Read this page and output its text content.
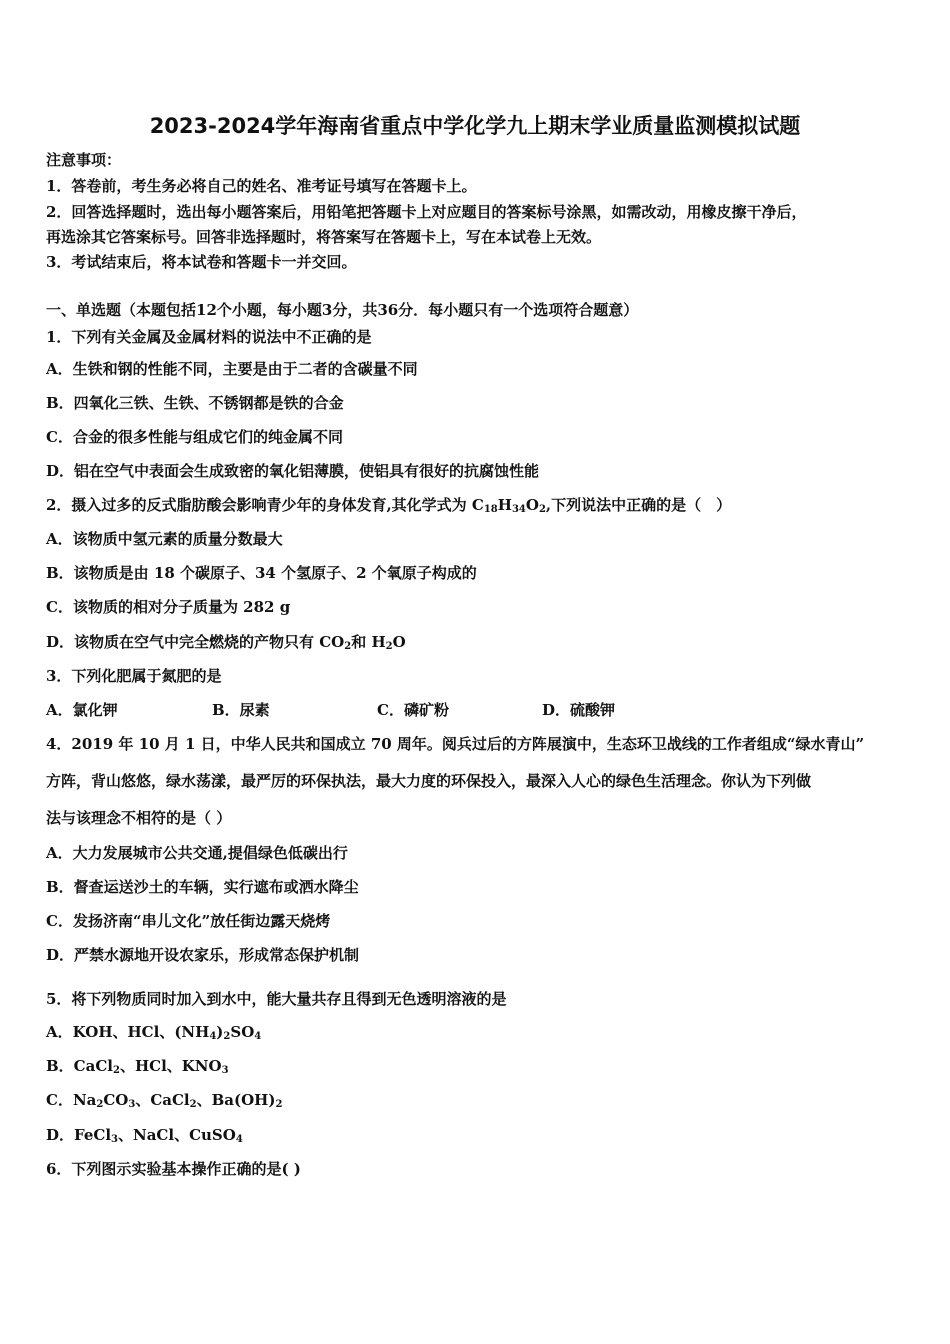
2023-2024学年海南省重点中学化学九上期末学业质量监测模拟试题
注意事项：
1．答卷前，考生务必将自己的姓名、准考证号填写在答题卡上。
2．回答选择题时，选出每小题答案后，用铅笔把答题卡上对应题目的答案标号涂黑，如需改动，用橡皮擦干净后，
再选涂其它答案标号。回答非选择题时，将答案写在答题卡上，写在本试卷上无效。
3．考试结束后，将本试卷和答题卡一并交回。
一、单选题（本题包括12个小题，每小题3分，共36分．每小题只有一个选项符合题意）
1．下列有关金属及金属材料的说法中不正确的是
A．生铁和钢的性能不同，主要是由于二者的含碳量不同
B．四氧化三铁、生铁、不锈钢都是铁的合金
C．合金的很多性能与组成它们的纯金属不同
D．铝在空气中表面会生成致密的氧化铝薄膜，使铝具有很好的抗腐蚀性能
2．摄入过多的反式脂肪酸会影响青少年的身体发育,其化学式为 $C_{18}H_{34}O_2$,下列说法中正确的是（　）
A．该物质中氢元素的质量分数最大
B．该物质是由 18 个碳原子、34 个氢原子、2 个氧原子构成的
C．该物质的相对分子质量为 282 g
D．该物质在空气中完全燃烧的产物只有 $CO_2$和 $H_2O$
3．下列化肥属于氮肥的是
A．氯化钾	B．尿素	C．磷矿粉	D．硫酸钾
4．2019 年 10 月 1 日，中华人民共和国成立 70 周年。阅兵过后的方阵展演中，生态环卫战线的工作者组成“绿水青山”
方阵，背山悠悠，绿水荡漾，最严厉的环保执法，最大力度的环保投入，最深入人心的绿色生活理念。你认为下列做
法与该理念不相符的是（ ）
A．大力发展城市公共交通,提倡绿色低碳出行
B．督查运送沙土的车辆，实行遮布或洒水降尘
C．发扬济南“串儿文化”放任街边露天烧烤
D．严禁水源地开设农家乐，形成常态保护机制
5．将下列物质同时加入到水中，能大量共存且得到无色透明溶液的是
A．KOH、HCl、$(NH_4)_2SO_4$
B．CaCl$_2$、HCl、$KNO_3$
C．$Na_2CO_3$、CaCl$_2$、$Ba(OH)_2$
D．FeCl$_3$、NaCl、CuSO$_4$
6．下列图示实验基本操作正确的是( )
